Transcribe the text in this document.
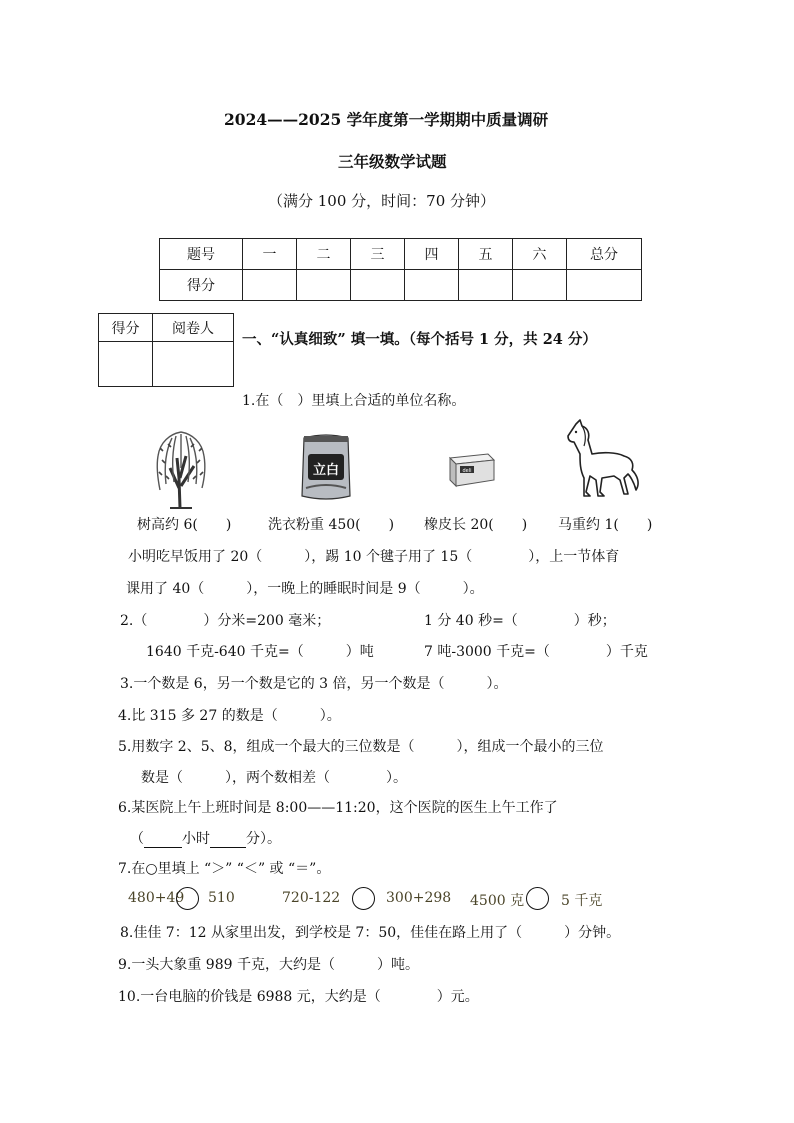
2024——2025 学年度第一学期期中质量调研
三年级数学试题
（满分 100 分，时间：70 分钟）
题号	一	二	三	四	五	六	总分
得分							
得分	阅卷人

一、“认真细致” 填一填。（每个括号 1 分，共 24 分）
1.在（　）里填上合适的单位名称。
立白	deli
树高约 6(　　)	洗衣粉重 450(　　) 橡皮长 20(　　) 马重约 1(　　)
小明吃早饭用了 20（　　　），踢 10 个毽子用了 15（　　　　），上一节体育
课用了 40（　　　），一晚上的睡眠时间是 9（　　　）。
2.（　　　　）分米=200 毫米；	1 分 40 秒=（　　　　）秒；
1640 千克-640 千克=（　　　）吨	7 吨-3000 千克=（　　　　）千克
3.一个数是 6，另一个数是它的 3 倍，另一个数是（　　　）。
4.比 315 多 27 的数是（　　　）。
5.用数字 2、5、8，组成一个最大的三位数是（　　　），组成一个最小的三位
数是（　　　），两个数相差（　　　　）。
6.某医院上午上班时间是 8:00——11:20，这个医院的医生上午工作了
（	小时	分）。
7.在○里填上 “＞” “＜” 或 “＝”。
480+49 510	720-122	300+298 4500 克	5 千克
8.佳佳 7：12 从家里出发，到学校是 7：50，佳佳在路上用了（　　　）分钟。
9.一头大象重 989 千克，大约是（　　　）吨。
10.一台电脑的价钱是 6988 元，大约是（　　　　）元。
